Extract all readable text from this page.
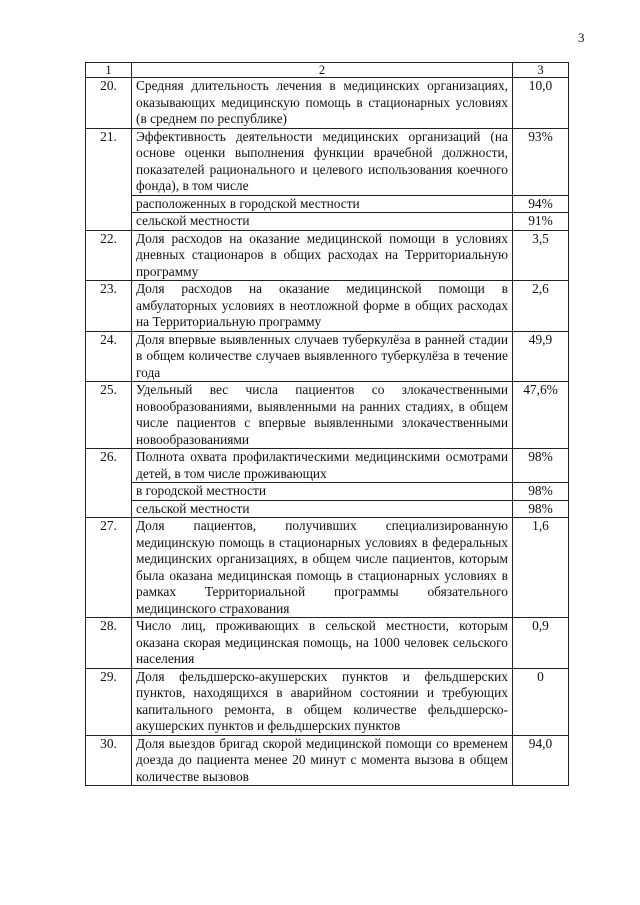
3
1	2	3
20.	Средняя длительность лечения в медицинских организациях, оказывающих медицинскую помощь в стационарных условиях (в среднем по республике)	10,0
21.	Эффективность деятельности медицинских организаций (на основе оценки выполнения функции врачебной должности, показателей рационального и целевого использования коечного фонда), в том числе	93%
	расположенных в городской местности	94%
	сельской местности	91%
22.	Доля расходов на оказание медицинской помощи в условиях дневных стационаров в общих расходах на Территориальную программу	3,5
23.	Доля расходов на оказание медицинской помощи в амбулаторных условиях в неотложной форме в общих расходах на Территориальную программу	2,6
24.	Доля впервые выявленных случаев туберкулёза в ранней стадии в общем количестве случаев выявленного туберкулёза в течение года	49,9
25.	Удельный вес числа пациентов со злокачественными новообразованиями, выявленными на ранних стадиях, в общем числе пациентов с впервые выявленными злокачественными новообразованиями	47,6%
26.	Полнота охвата профилактическими медицинскими осмотрами детей, в том числе проживающих	98%
	в городской местности	98%
	сельской местности	98%
27.	Доля пациентов, получивших специализированную медицинскую помощь в стационарных условиях в федеральных медицинских организациях, в общем числе пациентов, которым была оказана медицинская помощь в стационарных условиях в рамках Территориальной программы обязательного медицинского страхования	1,6
28.	Число лиц, проживающих в сельской местности, которым оказана скорая медицинская помощь, на 1000 человек сельского населения	0,9
29.	Доля фельдшерско-акушерских пунктов и фельдшерских пунктов, находящихся в аварийном состоянии и требующих капитального ремонта, в общем количестве фельдшерско-акушерских пунктов и фельдшерских пунктов	0
30.	Доля выездов бригад скорой медицинской помощи со временем доезда до пациента менее 20 минут с момента вызова в общем количестве вызовов	94,0
